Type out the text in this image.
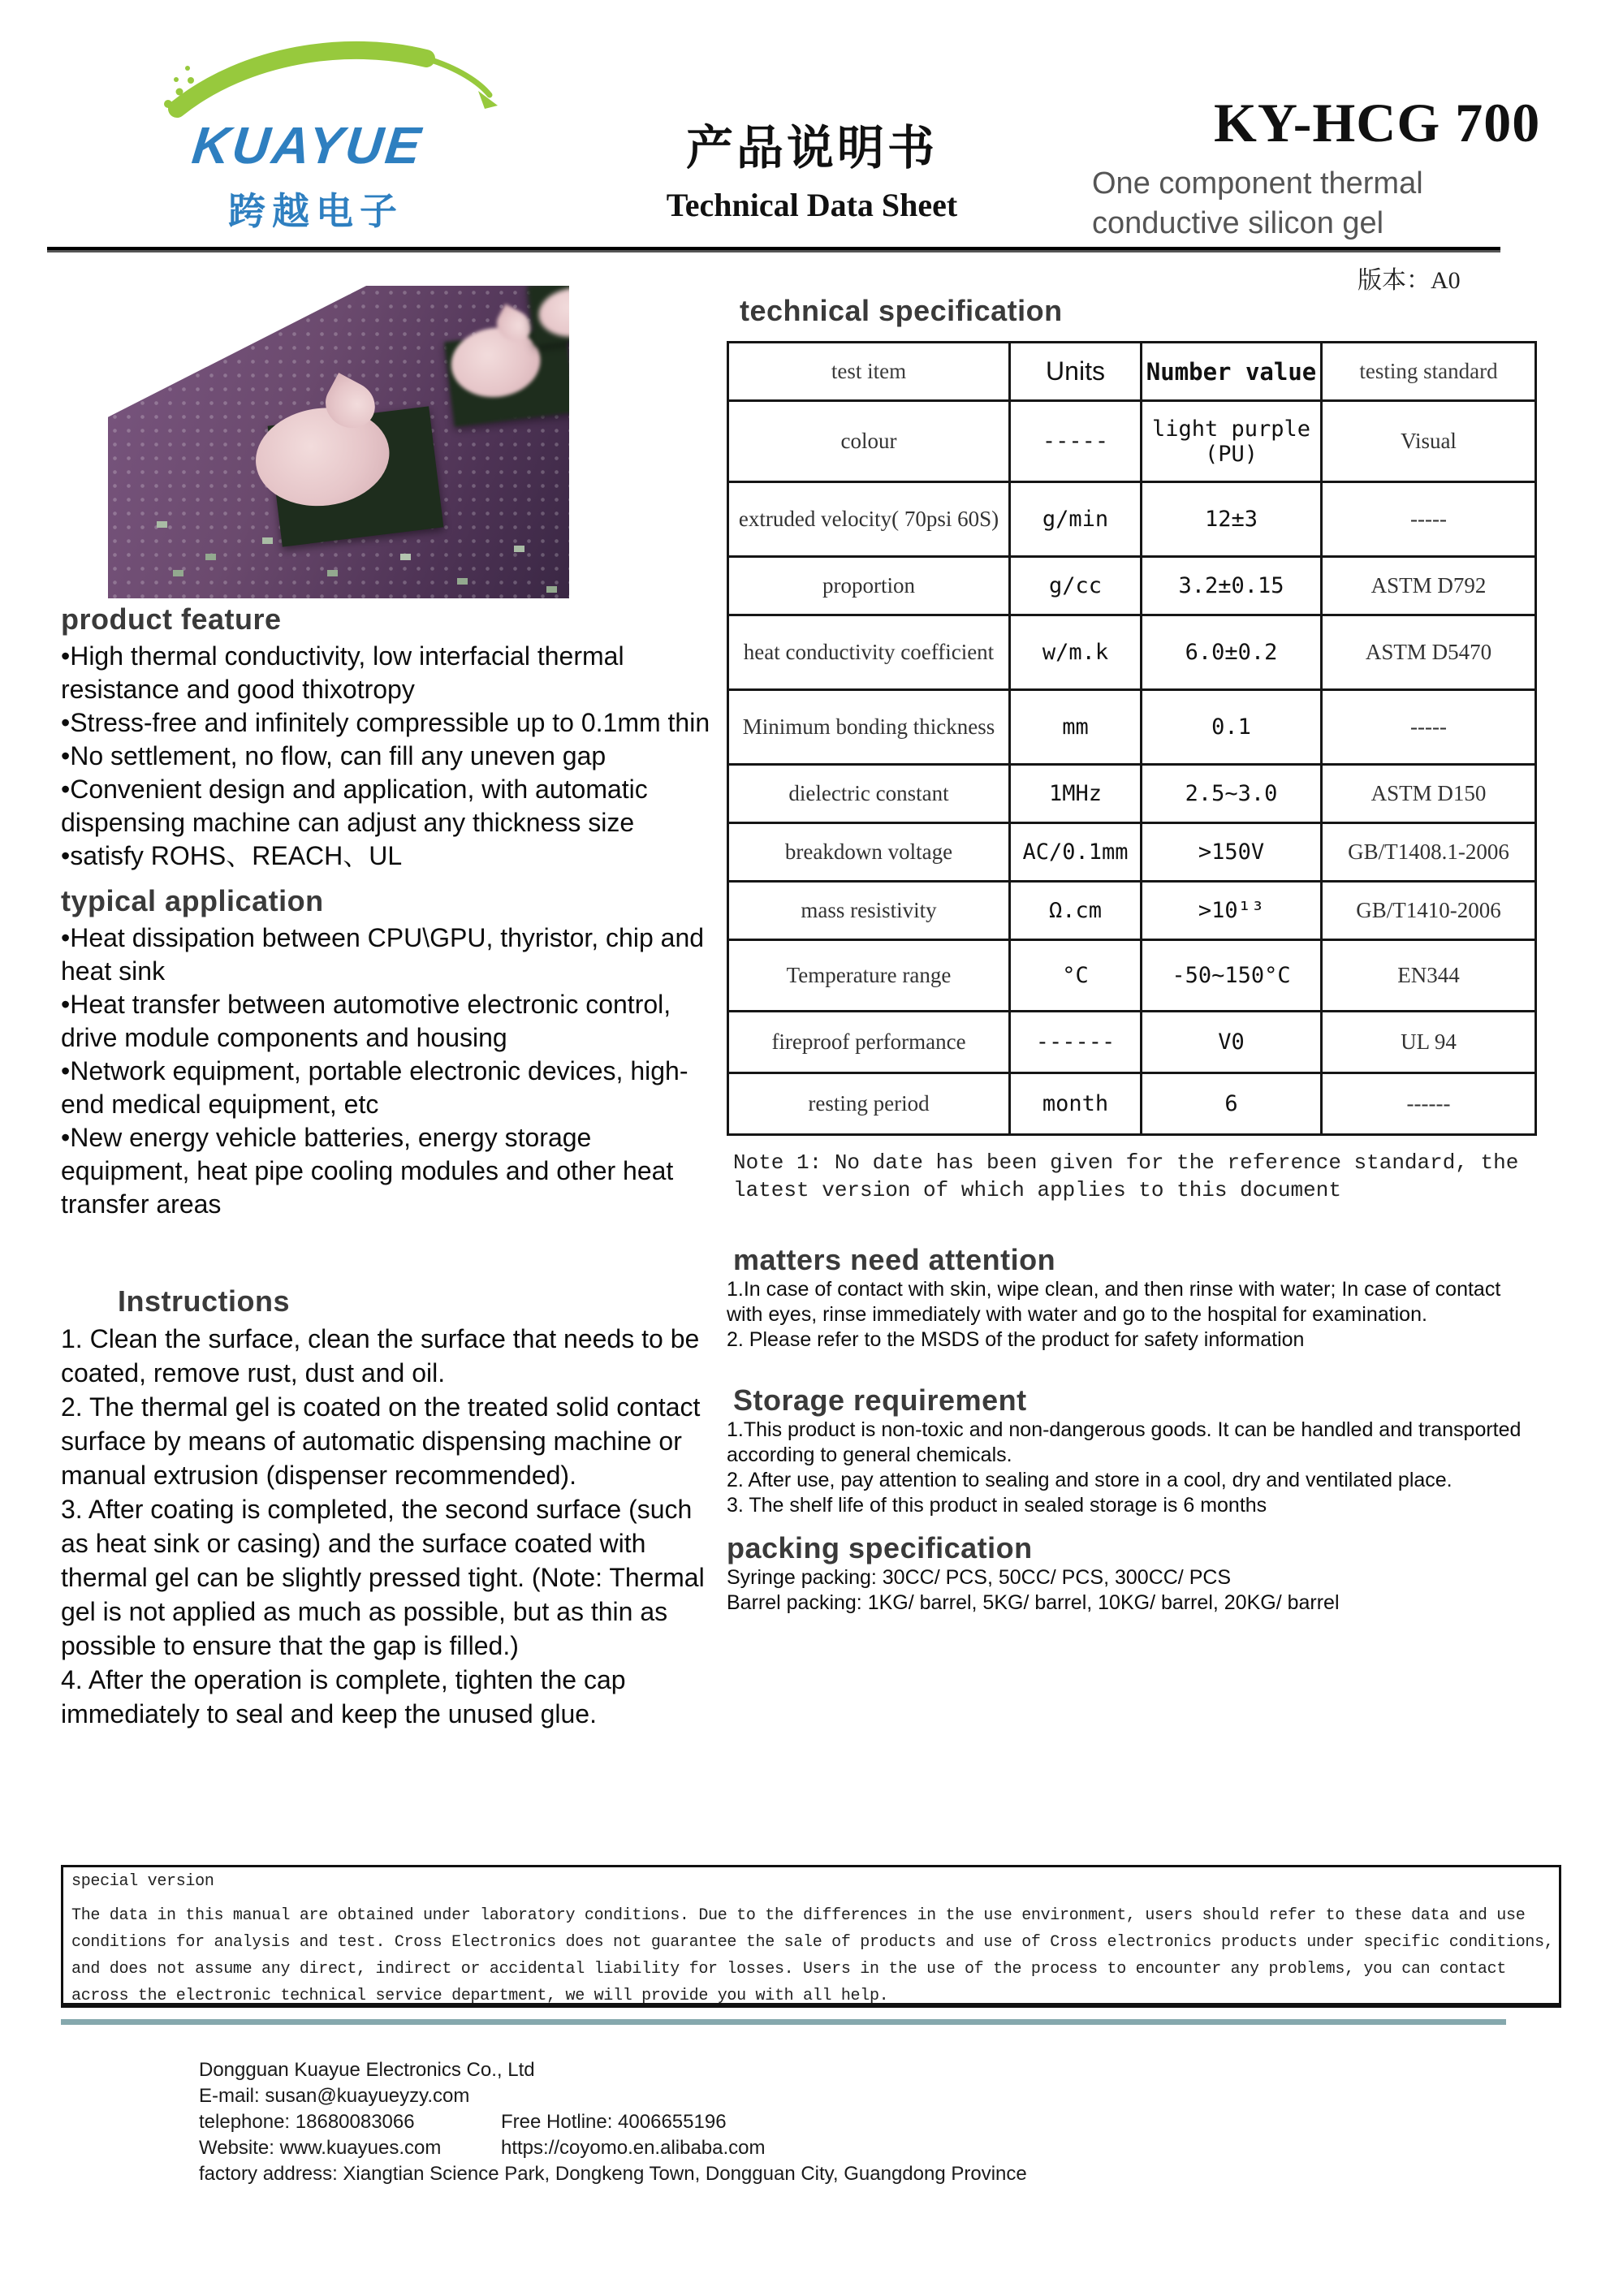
KUAYUE
跨越电子
产品说明书
Technical Data Sheet
KY-HCG 700
One component thermal conductive silicon gel
版本：A0
product feature
•High thermal conductivity, low interfacial thermal resistance and good thixotropy
•Stress-free and infinitely compressible up to 0.1mm thin
•No settlement, no flow, can fill any uneven gap
•Convenient design and application, with automatic dispensing machine can adjust any thickness size
•satisfy ROHS、REACH、UL
typical application
•Heat dissipation between CPU\GPU, thyristor, chip and heat sink
•Heat transfer between automotive electronic control, drive module components and housing
•Network equipment, portable electronic devices, high-end medical equipment, etc
•New energy vehicle batteries, energy storage equipment, heat pipe cooling modules and other heat transfer areas
Instructions
1. Clean the surface, clean the surface that needs to be coated, remove rust, dust and oil.
2. The thermal gel is coated on the treated solid contact surface by means of automatic dispensing machine or manual extrusion (dispenser recommended).
3. After coating is completed, the second surface (such as heat sink or casing) and the surface coated with thermal gel can be slightly pressed tight. (Note: Thermal gel is not applied as much as possible, but as thin as possible to ensure that the gap is filled.)
4. After the operation is complete, tighten the cap immediately to seal and keep the unused glue.
technical specification
test item	Units	Number value	testing standard
colour	-----	light purple (PU)	Visual
extruded velocity( 70psi 60S)	g/min	12±3	-----
proportion	g/cc	3.2±0.15	ASTM D792
heat conductivity coefficient	w/m.k	6.0±0.2	ASTM D5470
Minimum bonding thickness	mm	0.1	-----
dielectric constant	1MHz	2.5~3.0	ASTM D150
breakdown voltage	AC/0.1mm	>150V	GB/T1408.1-2006
mass resistivity	Ω.cm	>10¹³	GB/T1410-2006
Temperature range	°C	-50~150°C	EN344
fireproof performance	------	V0	UL 94
resting period	month	6	------
Note 1: No date has been given for the reference standard, the latest version of which applies to this document
matters need attention
1.In case of contact with skin, wipe clean, and then rinse with water; In case of contact with eyes, rinse immediately with water and go to the hospital for examination.
2. Please refer to the MSDS of the product for safety information
Storage requirement
1.This product is non-toxic and non-dangerous goods. It can be handled and transported according to general chemicals.
2. After use, pay attention to sealing and store in a cool, dry and ventilated place.
3. The shelf life of this product in sealed storage is 6 months
packing specification
Syringe packing: 30CC/ PCS, 50CC/ PCS, 300CC/ PCS
Barrel packing: 1KG/ barrel, 5KG/ barrel, 10KG/ barrel, 20KG/ barrel
special version
The data in this manual are obtained under laboratory conditions. Due to the differences in the use environment, users should refer to these data and use
conditions for analysis and test. Cross Electronics does not guarantee the sale of products and use of Cross electronics products under specific conditions,
and does not assume any direct, indirect or accidental liability for losses. Users in the use of the process to encounter any problems, you can contact
across the electronic technical service department, we will provide you with all help.
Dongguan Kuayue Electronics Co., Ltd
E-mail: susan@kuayueyzy.com
telephone: 18680083066	Free Hotline: 4006655196
Website: www.kuayues.com	https://coyomo.en.alibaba.com
factory address: Xiangtian Science Park, Dongkeng Town, Dongguan City, Guangdong Province
